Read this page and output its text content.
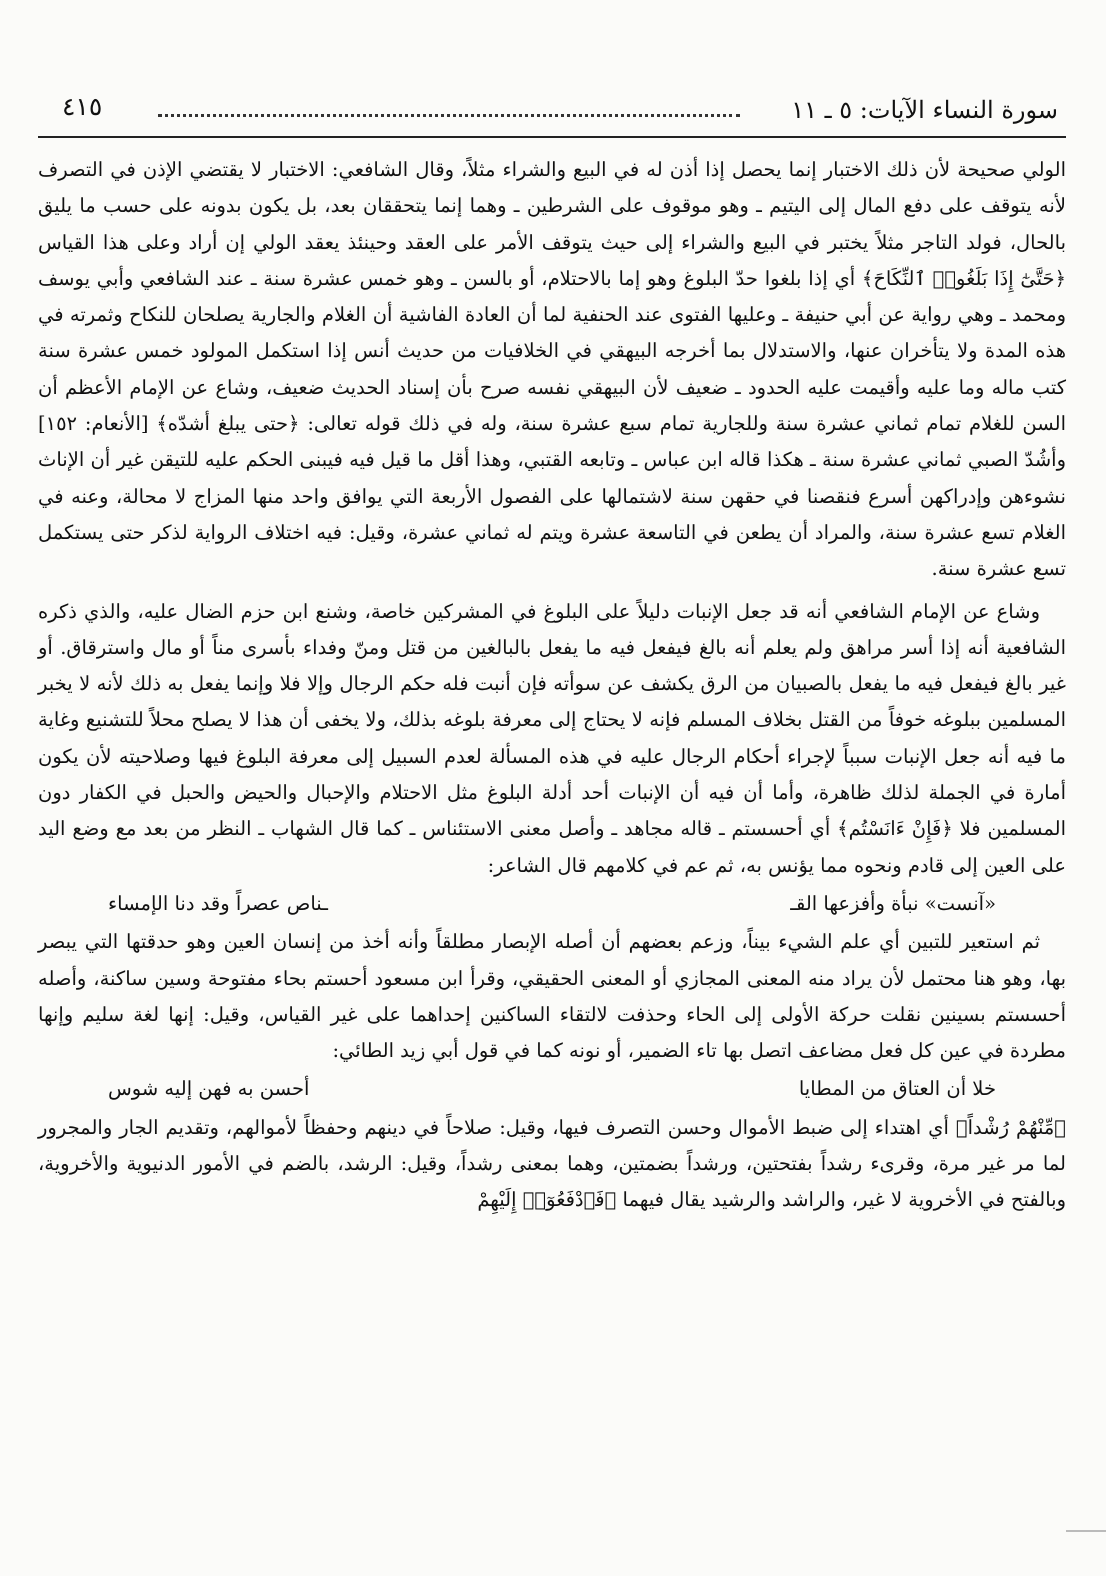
سورة النساء الآيات: ٥ ـ ١١
٤١٥

الولي صحيحة لأن ذلك الاختبار إنما يحصل إذا أذن له في البيع والشراء مثلاً، وقال الشافعي: الاختبار لا يقتضي الإذن في التصرف لأنه يتوقف على دفع المال إلى اليتيم ـ وهو موقوف على الشرطين ـ وهما إنما يتحققان بعد، بل يكون بدونه على حسب ما يليق بالحال، فولد التاجر مثلاً يختبر في البيع والشراء إلى حيث يتوقف الأمر على العقد وحينئذ يعقد الولي إن أراد وعلى هذا القياس ﴿حَتَّىٰٓ إِذَا بَلَغُوا۟ ٱلنِّكَاحَ﴾ أي إذا بلغوا حدّ البلوغ وهو إما بالاحتلام، أو بالسن ـ وهو خمس عشرة سنة ـ عند الشافعي وأبي يوسف ومحمد ـ وهي رواية عن أبي حنيفة ـ وعليها الفتوى عند الحنفية لما أن العادة الفاشية أن الغلام والجارية يصلحان للنكاح وثمرته في هذه المدة ولا يتأخران عنها، والاستدلال بما أخرجه البيهقي في الخلافيات من حديث أنس إذا استكمل المولود خمس عشرة سنة كتب ماله وما عليه وأقيمت عليه الحدود ـ ضعيف لأن البيهقي نفسه صرح بأن إسناد الحديث ضعيف، وشاع عن الإمام الأعظم أن السن للغلام تمام ثماني عشرة سنة وللجارية تمام سبع عشرة سنة، وله في ذلك قوله تعالى: ﴿حتى يبلغ أشدّه﴾ [الأنعام: ١٥٢] وأشُدّ الصبي ثماني عشرة سنة ـ هكذا قاله ابن عباس ـ وتابعه القتبي، وهذا أقل ما قيل فيه فيبنى الحكم عليه للتيقن غير أن الإناث نشوءهن وإدراكهن أسرع فنقصنا في حقهن سنة لاشتمالها على الفصول الأربعة التي يوافق واحد منها المزاج لا محالة، وعنه في الغلام تسع عشرة سنة، والمراد أن يطعن في التاسعة عشرة ويتم له ثماني عشرة، وقيل: فيه اختلاف الرواية لذكر حتى يستكمل تسع عشرة سنة.

وشاع عن الإمام الشافعي أنه قد جعل الإنبات دليلاً على البلوغ في المشركين خاصة، وشنع ابن حزم الضال عليه، والذي ذكره الشافعية أنه إذا أسر مراهق ولم يعلم أنه بالغ فيفعل فيه ما يفعل بالبالغين من قتل ومنّ وفداء بأسرى مناً أو مال واسترقاق. أو غير بالغ فيفعل فيه ما يفعل بالصبيان من الرق يكشف عن سوأته فإن أنبت فله حكم الرجال وإلا فلا وإنما يفعل به ذلك لأنه لا يخبر المسلمين ببلوغه خوفاً من القتل بخلاف المسلم فإنه لا يحتاج إلى معرفة بلوغه بذلك، ولا يخفى أن هذا لا يصلح محلاً للتشنيع وغاية ما فيه أنه جعل الإنبات سبباً لإجراء أحكام الرجال عليه في هذه المسألة لعدم السبيل إلى معرفة البلوغ فيها وصلاحيته لأن يكون أمارة في الجملة لذلك ظاهرة، وأما أن فيه أن الإنبات أحد أدلة البلوغ مثل الاحتلام والإحبال والحيض والحبل في الكفار دون المسلمين فلا ﴿فَإِنْ ءَانَسْتُم﴾ أي أحسستم ـ قاله مجاهد ـ وأصل معنى الاستئناس ـ كما قال الشهاب ـ النظر من بعد مع وضع اليد على العين إلى قادم ونحوه مما يؤنس به، ثم عم في كلامهم قال الشاعر:

«آنست» نبأة وأفزعها القـ
ـناص عصراً وقد دنا الإمساء

ثم استعير للتبين أي علم الشيء بيناً، وزعم بعضهم أن أصله الإبصار مطلقاً وأنه أخذ من إنسان العين وهو حدقتها التي يبصر بها، وهو هنا محتمل لأن يراد منه المعنى المجازي أو المعنى الحقيقي، وقرأ ابن مسعود أحستم بحاء مفتوحة وسين ساكنة، وأصله أحسستم بسينين نقلت حركة الأولى إلى الحاء وحذفت لالتقاء الساكنين إحداهما على غير القياس، وقيل: إنها لغة سليم وإنها مطردة في عين كل فعل مضاعف اتصل بها تاء الضمير، أو نونه كما في قول أبي زيد الطائي:

خلا أن العتاق من المطايا
أحسن به فهن إليه شوس

﴿مِّنْهُمْ رُشْداً﴾ أي اهتداء إلى ضبط الأموال وحسن التصرف فيها، وقيل: صلاحاً في دينهم وحفظاً لأموالهم، وتقديم الجار والمجرور لما مر غير مرة، وقرىء رشداً بفتحتين، ورشداً بضمتين، وهما بمعنى رشداً، وقيل: الرشد، بالضم في الأمور الدنيوية والأخروية، وبالفتح في الأخروية لا غير، والراشد والرشيد يقال فيهما ﴿فَٱدْفَعُوٓا۟ إِلَيْهِمْ
